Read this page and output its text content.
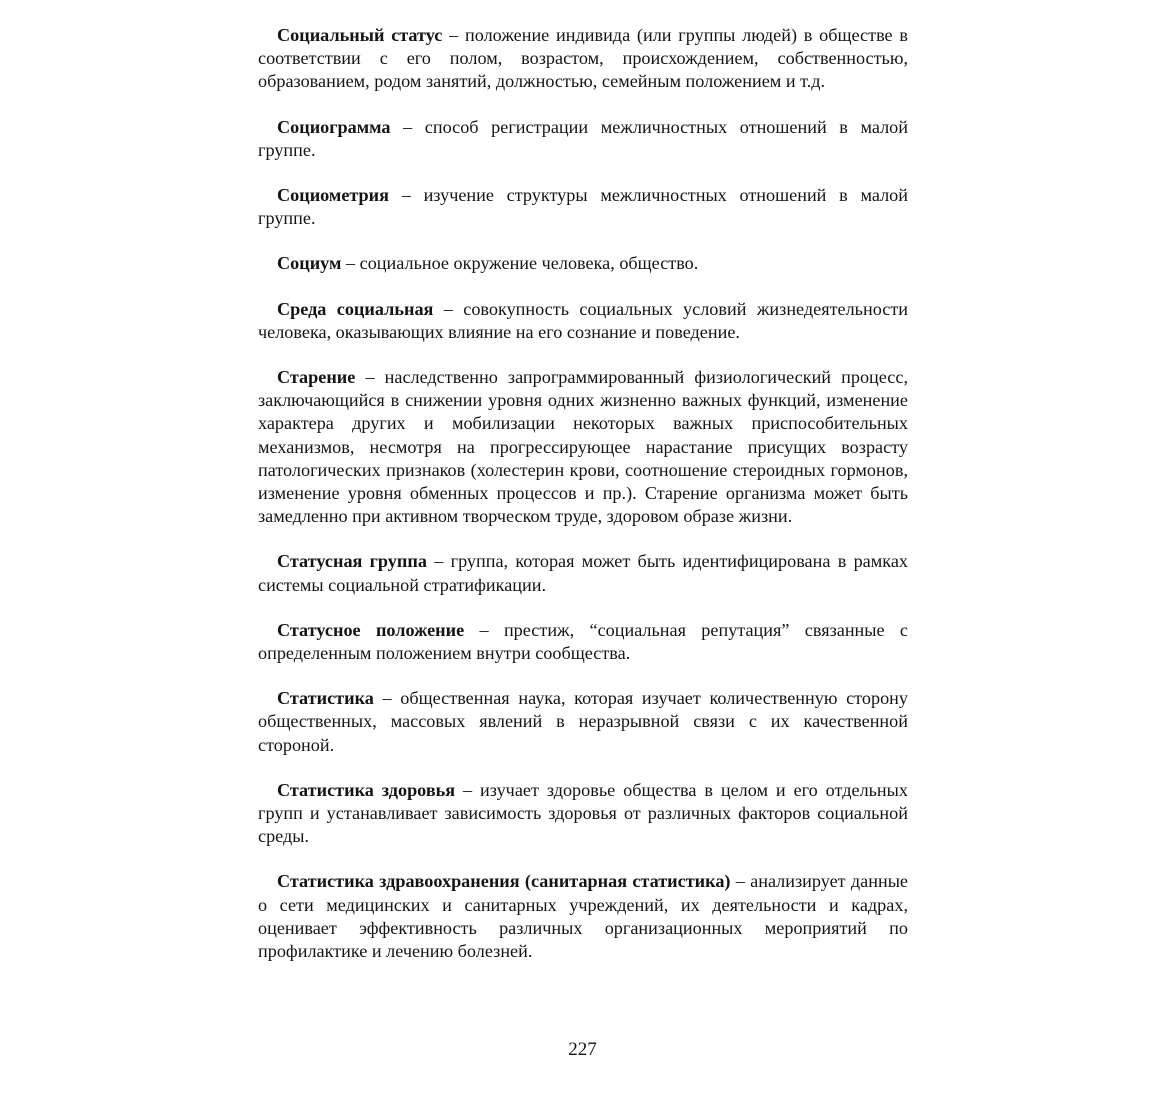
Социальный статус – положение индивида (или группы людей) в обществе в соответствии с его полом, возрастом, происхождением, собственностью, образованием, родом занятий, должностью, семейным положением и т.д.

Социограмма – способ регистрации межличностных отношений в малой группе.

Социометрия – изучение структуры межличностных отношений в малой группе.

Социум – социальное окружение человека, общество.

Среда социальная – совокупность социальных условий жизнедеятельности человека, оказывающих влияние на его сознание и поведение.

Старение – наследственно запрограммированный физиологический процесс, заключающийся в снижении уровня одних жизненно важных функций, изменение характера других и мобилизации некоторых важных приспособительных механизмов, несмотря на прогрессирующее нарастание присущих возрасту патологических признаков (холестерин крови, соотношение стероидных гормонов, изменение уровня обменных процессов и пр.). Старение организма может быть замедленно при активном творческом труде, здоровом образе жизни.

Статусная группа – группа, которая может быть идентифицирована в рамках системы социальной стратификации.

Статусное положение – престиж, “социальная репутация” связанные с определенным положением внутри сообщества.

Статистика – общественная наука, которая изучает количественную сторону общественных, массовых явлений в неразрывной связи с их качественной стороной.

Статистика здоровья – изучает здоровье общества в целом и его отдельных групп и устанавливает зависимость здоровья от различных факторов социальной среды.

Статистика здравоохранения (санитарная статистика) – анализирует данные о сети медицинских и санитарных учреждений, их деятельности и кадрах, оценивает эффективность различных организационных мероприятий по профилактике и лечению болезней.

227
